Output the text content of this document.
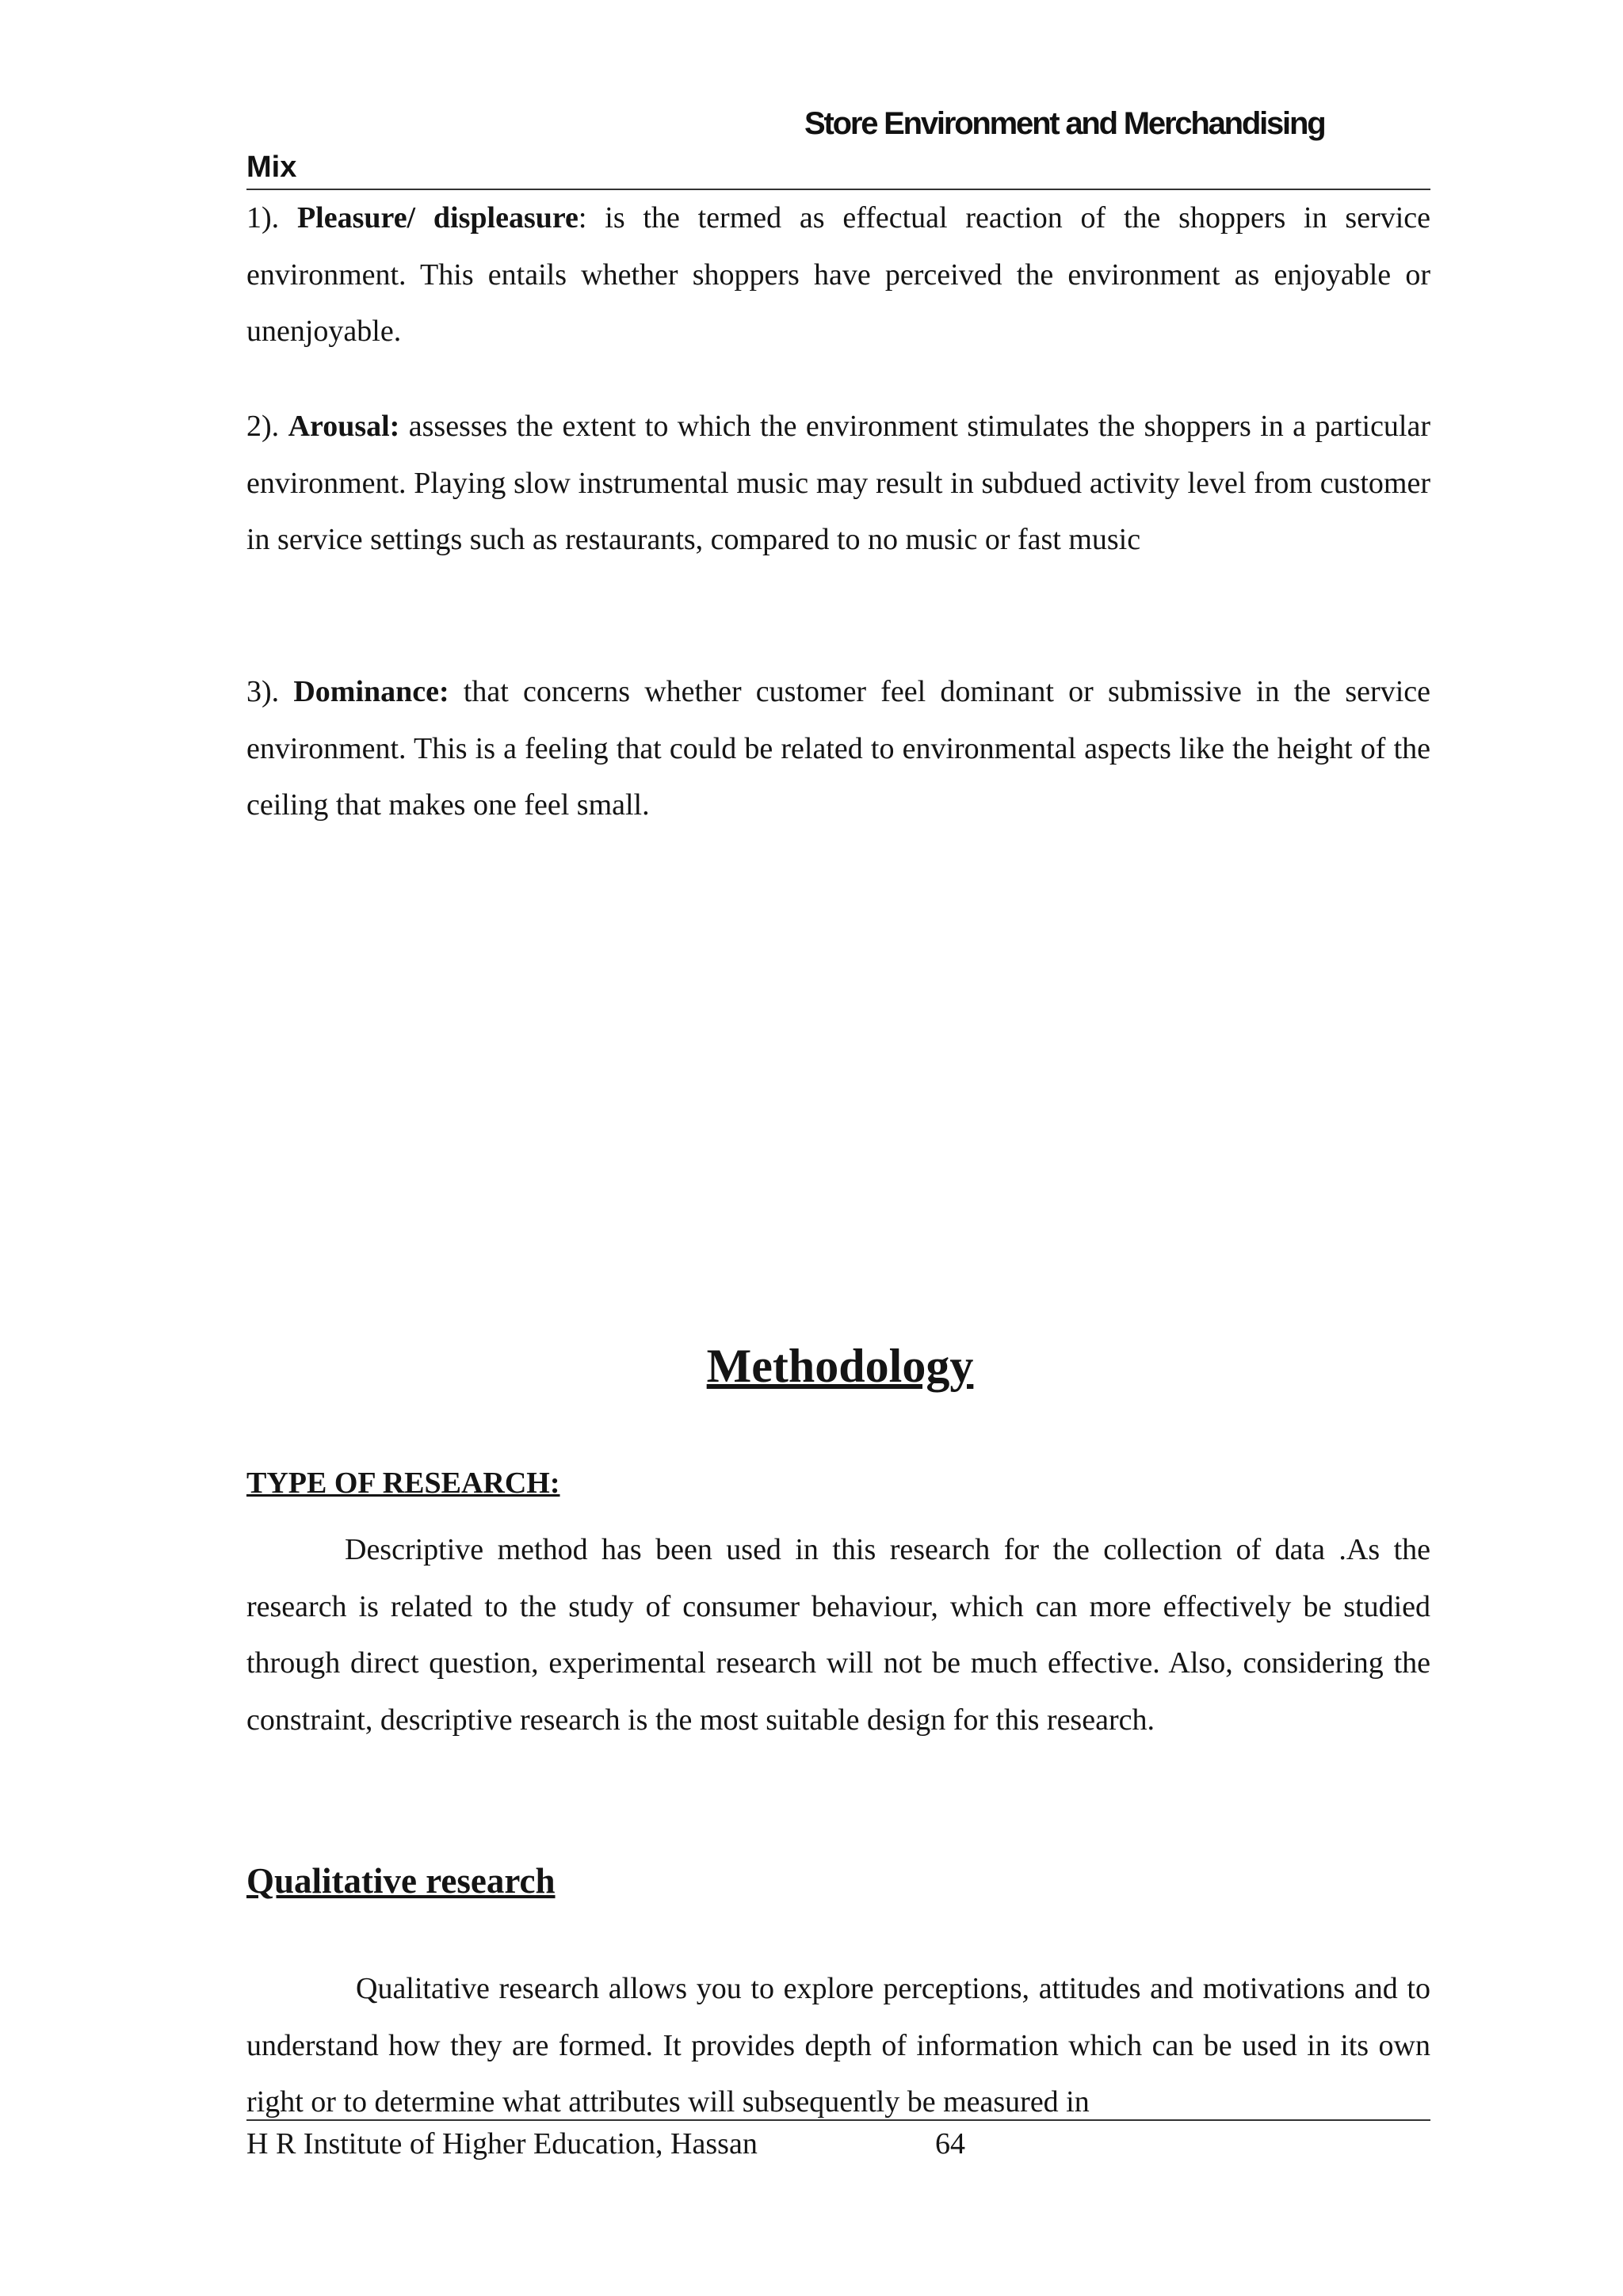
Store Environment and Merchandising
Mix

1). Pleasure/ displeasure: is the termed as effectual reaction of the shoppers in service environment. This entails whether shoppers have perceived the environment as enjoyable or unenjoyable.

2). Arousal: assesses the extent to which the environment stimulates the shoppers in a particular environment. Playing slow instrumental music may result in subdued activity level from customer in service settings such as restaurants, compared to no music or fast music

3). Dominance: that concerns whether customer feel dominant or submissive in the service environment. This is a feeling that could be related to environmental aspects like the height of the ceiling that makes one feel small.

Methodology
TYPE OF RESEARCH:

Descriptive method has been used in this research for the collection of data .As the research is related to the study of consumer behaviour, which can more effectively be studied through direct question, experimental research will not be much effective. Also, considering the constraint, descriptive research is the most suitable design for this research.

Qualitative research

Qualitative research allows you to explore perceptions, attitudes and motivations and to understand how they are formed. It provides depth of information which can be used in its own right or to determine what attributes will subsequently be measured in

H R Institute of Higher Education, Hassan	64
